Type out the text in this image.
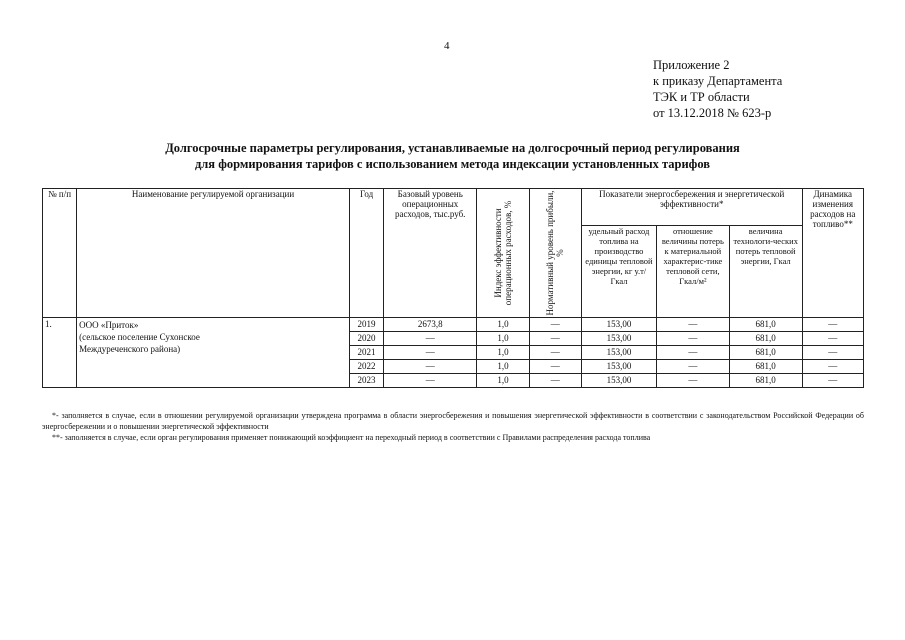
4
Приложение 2
к приказу Департамента
ТЭК и ТР области
от 13.12.2018 № 623-р
Долгосрочные параметры регулирования, устанавливаемые на долгосрочный период регулирования
для формирования тарифов с использованием метода индексации установленных тарифов
№ п/п	Наименование регулируемой организации	Год	Базовый уровень операционных расходов, тыс.руб.	Индекс эффективности операционных расходов, %	Нормативный уровень прибыли, %	Показатели энергосбережения и энергетической эффективности*			Динамика изменения расходов на топливо**
						удельный расход топлива на производство единицы тепловой энергии, кг у.т/Гкал	отношение величины потерь к материальной характерис-тике тепловой сети, Гкал/м²	величина технологи-ческих потерь тепловой энергии, Гкал	
1.	ООО «Приток»
(сельское поселение Сухонское
Междуреченского района)	2019	2673,8	1,0	—	153,00	—	681,0	—
		2020	—	1,0	—	153,00	—	681,0	—
		2021	—	1,0	—	153,00	—	681,0	—
		2022	—	1,0	—	153,00	—	681,0	—
		2023	—	1,0	—	153,00	—	681,0	—
*- заполняется в случае, если в отношении регулируемой организации утверждена программа в области энергосбережения и повышения энергетической эффективности в соответствии с законодательством Российской Федерации об энергосбережении и о повышении энергетической эффективности
**- заполняется в случае, если орган регулирования применяет понижающий коэффициент на переходный период в соответствии с Правилами распределения расхода топлива
